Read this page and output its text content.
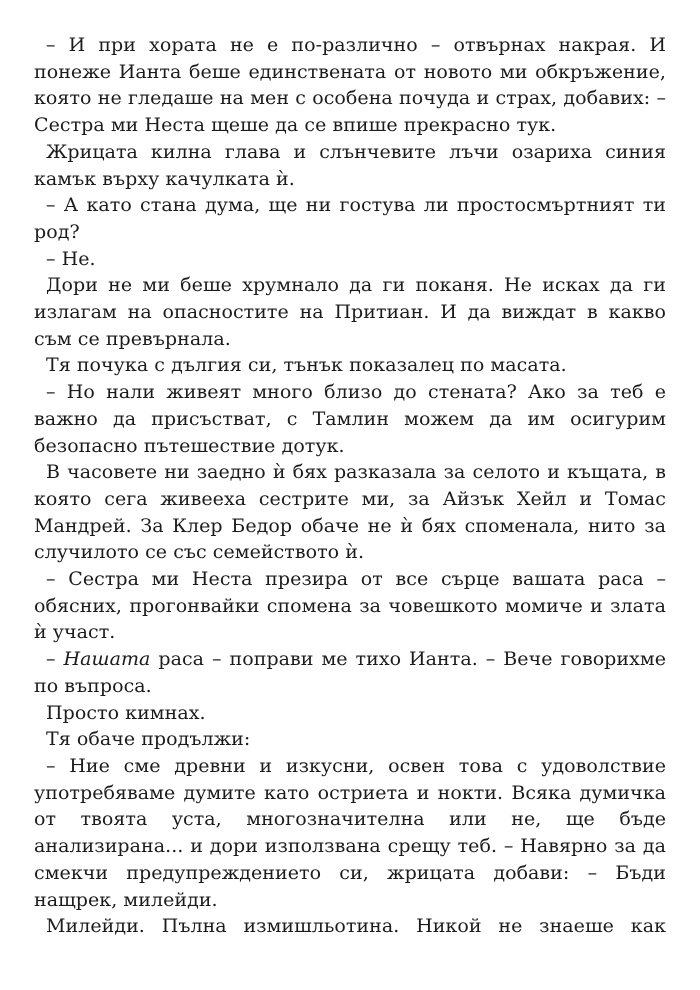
– И при хората не е по-различно – отвърнах накрая. И понеже Ианта беше единствената от новото ми обкръжение, която не гледаше на мен с особена почуда и страх, добавих: – Сестра ми Неста щеше да се впише прекрасно тук.

Жрицата килна глава и слънчевите лъчи озариха синия камък върху качулката ѝ.

– А като стана дума, ще ни гостува ли простосмъртният ти род?

– Не.

Дори не ми беше хрумнало да ги поканя. Не исках да ги излагам на опасностите на Притиан. И да виждат в какво съм се превърнала.

Тя почука с дългия си, тънък показалец по масата.

– Но нали живеят много близо до стената? Ако за теб е важно да присъстват, с Тамлин можем да им осигурим безопасно пътешествие дотук.

В часовете ни заедно ѝ бях разказала за селото и къщата, в която сега живееха сестрите ми, за Айзък Хейл и Томас Мандрей. За Клер Бедор обаче не ѝ бях споменала, нито за случилото се със семейството ѝ.

– Сестра ми Неста презира от все сърце вашата раса – обясних, прогонвайки спомена за човешкото момиче и злата ѝ участ.

– Нашата раса – поправи ме тихо Ианта. – Вече говорихме по въпроса.

Просто кимнах.

Тя обаче продължи:

– Ние сме древни и изкусни, освен това с удоволствие употребяваме думите като остриета и нокти. Всяка думичка от твоята уста, многозначителна или не, ще бъде анализирана... и дори използвана срещу теб. – Навярно за да смекчи предупреждението си, жрицата добави: – Бъди нащрек, милейди.

Милейди. Пълна измишльотина. Никой не знаеше как
